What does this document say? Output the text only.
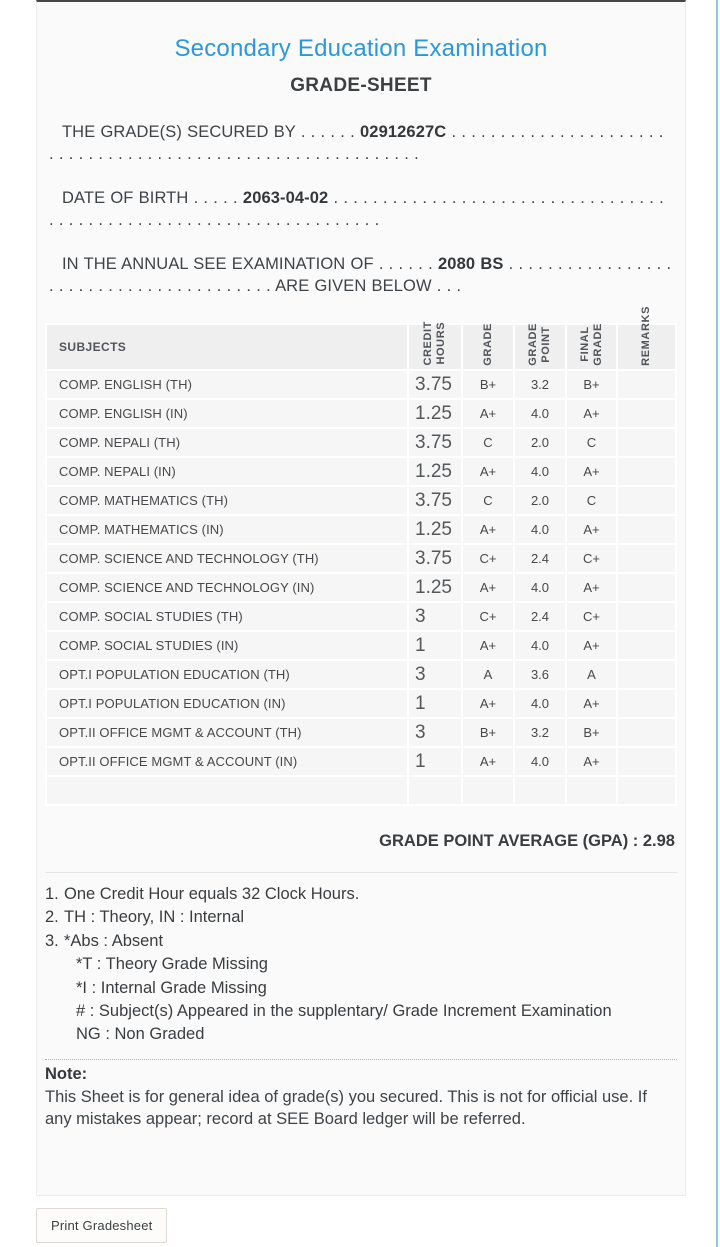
Secondary Education Examination
GRADE-SHEET

THE GRADE(S) SECURED BY . . . . . . 02912627C . . . . . . . . . . . . . . . . . . . . . . . . . . . . . . . . . . . . . . . . . . . . . . . . . . . . . . . . . . . .

DATE OF BIRTH . . . . . 2063-04-02 . . . . . . . . . . . . . . . . . . . . . . . . . . . . . . . . . . . . . . . . . . . . . . . . . . . . . . . . . . . . . . . . . . . .

IN THE ANNUAL SEE EXAMINATION OF . . . . . . 2080 BS . . . . . . . . . . . . . . . . . . . . . . . . . . . . . . . . . . . . . . . . ARE GIVEN BELOW . . .

SUBJECTS	CREDIT HOURS	GRADE	GRADE POINT	FINAL GRADE	REMARKS

COMP. ENGLISH (TH)	3.75	B+	3.2	B+	
COMP. ENGLISH (IN)	1.25	A+	4.0	A+	
COMP. NEPALI (TH)	3.75	C	2.0	C	
COMP. NEPALI (IN)	1.25	A+	4.0	A+	
COMP. MATHEMATICS (TH)	3.75	C	2.0	C	
COMP. MATHEMATICS (IN)	1.25	A+	4.0	A+	
COMP. SCIENCE AND TECHNOLOGY (TH)	3.75	C+	2.4	C+	
COMP. SCIENCE AND TECHNOLOGY (IN)	1.25	A+	4.0	A+	
COMP. SOCIAL STUDIES (TH)	3	C+	2.4	C+	
COMP. SOCIAL STUDIES (IN)	1	A+	4.0	A+	
OPT.I POPULATION EDUCATION (TH)	3	A	3.6	A	
OPT.I POPULATION EDUCATION (IN)	1	A+	4.0	A+	
OPT.II OFFICE MGMT & ACCOUNT (TH)	3	B+	3.2	B+	
OPT.II OFFICE MGMT & ACCOUNT (IN)	1	A+	4.0	A+	

GRADE POINT AVERAGE (GPA) : 2.98
1. One Credit Hour equals 32 Clock Hours.
2. TH : Theory, IN : Internal
3. *Abs : Absent
*T : Theory Grade Missing
*I : Internal Grade Missing
# : Subject(s) Appeared in the supplentary/ Grade Increment Examination
NG : Non Graded
Note:
This Sheet is for general idea of grade(s) you secured. This is not for official use. If any mistakes appear; record at SEE Board ledger will be referred.
Print Gradesheet
